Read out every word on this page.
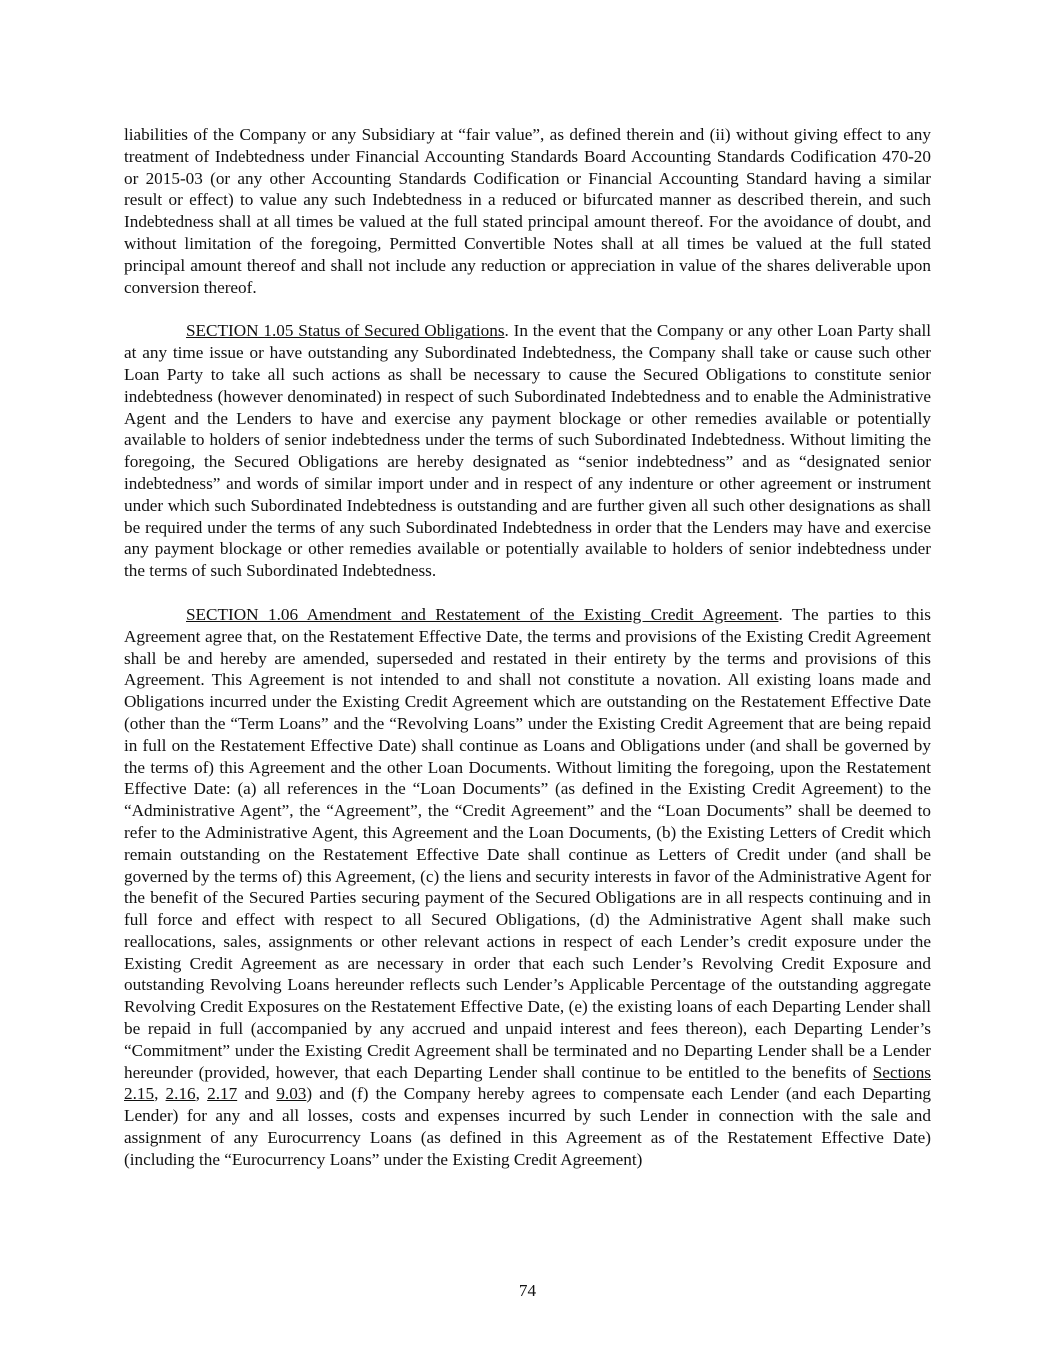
liabilities of the Company or any Subsidiary at “fair value”, as defined therein and (ii) without giving effect to any treatment of Indebtedness under Financial Accounting Standards Board Accounting Standards Codification 470-20 or 2015-03 (or any other Accounting Standards Codification or Financial Accounting Standard having a similar result or effect) to value any such Indebtedness in a reduced or bifurcated manner as described therein, and such Indebtedness shall at all times be valued at the full stated principal amount thereof. For the avoidance of doubt, and without limitation of the foregoing, Permitted Convertible Notes shall at all times be valued at the full stated principal amount thereof and shall not include any reduction or appreciation in value of the shares deliverable upon conversion thereof.

SECTION 1.05 Status of Secured Obligations. In the event that the Company or any other Loan Party shall at any time issue or have outstanding any Subordinated Indebtedness, the Company shall take or cause such other Loan Party to take all such actions as shall be necessary to cause the Secured Obligations to constitute senior indebtedness (however denominated) in respect of such Subordinated Indebtedness and to enable the Administrative Agent and the Lenders to have and exercise any payment blockage or other remedies available or potentially available to holders of senior indebtedness under the terms of such Subordinated Indebtedness. Without limiting the foregoing, the Secured Obligations are hereby designated as “senior indebtedness” and as “designated senior indebtedness” and words of similar import under and in respect of any indenture or other agreement or instrument under which such Subordinated Indebtedness is outstanding and are further given all such other designations as shall be required under the terms of any such Subordinated Indebtedness in order that the Lenders may have and exercise any payment blockage or other remedies available or potentially available to holders of senior indebtedness under the terms of such Subordinated Indebtedness.

SECTION 1.06 Amendment and Restatement of the Existing Credit Agreement. The parties to this Agreement agree that, on the Restatement Effective Date, the terms and provisions of the Existing Credit Agreement shall be and hereby are amended, superseded and restated in their entirety by the terms and provisions of this Agreement. This Agreement is not intended to and shall not constitute a novation. All existing loans made and Obligations incurred under the Existing Credit Agreement which are outstanding on the Restatement Effective Date (other than the “Term Loans” and the “Revolving Loans” under the Existing Credit Agreement that are being repaid in full on the Restatement Effective Date) shall continue as Loans and Obligations under (and shall be governed by the terms of) this Agreement and the other Loan Documents. Without limiting the foregoing, upon the Restatement Effective Date: (a) all references in the “Loan Documents” (as defined in the Existing Credit Agreement) to the “Administrative Agent”, the “Agreement”, the “Credit Agreement” and the “Loan Documents” shall be deemed to refer to the Administrative Agent, this Agreement and the Loan Documents, (b) the Existing Letters of Credit which remain outstanding on the Restatement Effective Date shall continue as Letters of Credit under (and shall be governed by the terms of) this Agreement, (c) the liens and security interests in favor of the Administrative Agent for the benefit of the Secured Parties securing payment of the Secured Obligations are in all respects continuing and in full force and effect with respect to all Secured Obligations, (d) the Administrative Agent shall make such reallocations, sales, assignments or other relevant actions in respect of each Lender’s credit exposure under the Existing Credit Agreement as are necessary in order that each such Lender’s Revolving Credit Exposure and outstanding Revolving Loans hereunder reflects such Lender’s Applicable Percentage of the outstanding aggregate Revolving Credit Exposures on the Restatement Effective Date, (e) the existing loans of each Departing Lender shall be repaid in full (accompanied by any accrued and unpaid interest and fees thereon), each Departing Lender’s “Commitment” under the Existing Credit Agreement shall be terminated and no Departing Lender shall be a Lender hereunder (provided, however, that each Departing Lender shall continue to be entitled to the benefits of Sections 2.15, 2.16, 2.17 and 9.03) and (f) the Company hereby agrees to compensate each Lender (and each Departing Lender) for any and all losses, costs and expenses incurred by such Lender in connection with the sale and assignment of any Eurocurrency Loans (as defined in this Agreement as of the Restatement Effective Date) (including the “Eurocurrency Loans” under the Existing Credit Agreement)

74
